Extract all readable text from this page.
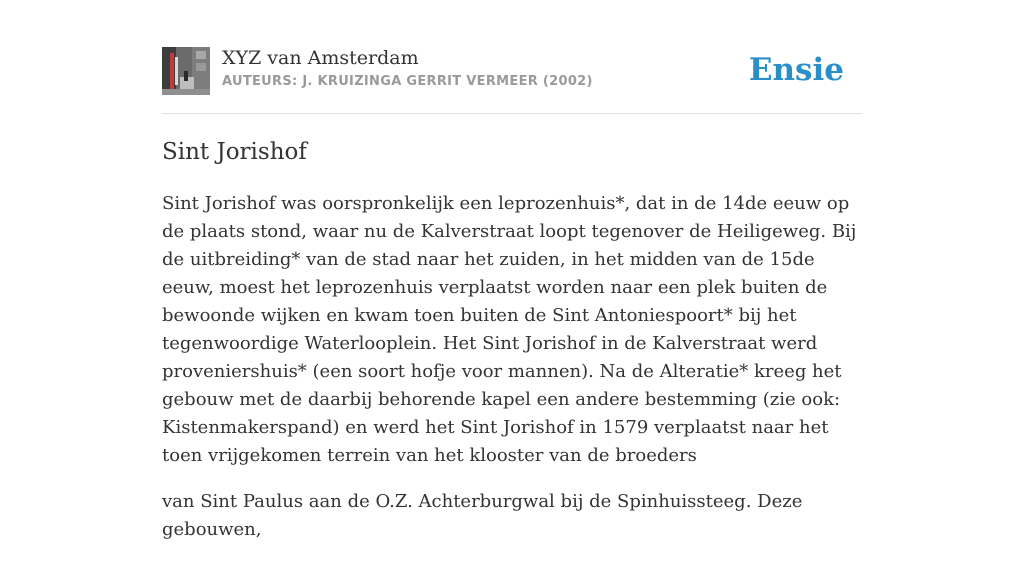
XYZ van Amsterdam
AUTEURS: J. KRUIZINGA GERRIT VERMEER (2002)	Ensie
Sint Jorishof

Sint Jorishof was oorspronkelijk een leprozenhuis*, dat in de 14de eeuw op de plaats stond, waar nu de Kalverstraat loopt tegenover de Heiligeweg. Bij de uitbreiding* van de stad naar het zuiden, in het midden van de 15de eeuw, moest het leprozenhuis verplaatst worden naar een plek buiten de bewoonde wijken en kwam toen buiten de Sint Antoniespoort* bij het tegenwoordige Waterlooplein. Het Sint Jorishof in de Kalverstraat werd proveniershuis* (een soort hofje voor mannen). Na de Alteratie* kreeg het gebouw met de daarbij behorende kapel een andere bestemming (zie ook: Kistenmakerspand) en werd het Sint Jorishof in 1579 verplaatst naar het toen vrijgekomen terrein van het klooster van de broeders

van Sint Paulus aan de O.Z. Achterburgwal bij de Spinhuissteeg. Deze gebouwen,
